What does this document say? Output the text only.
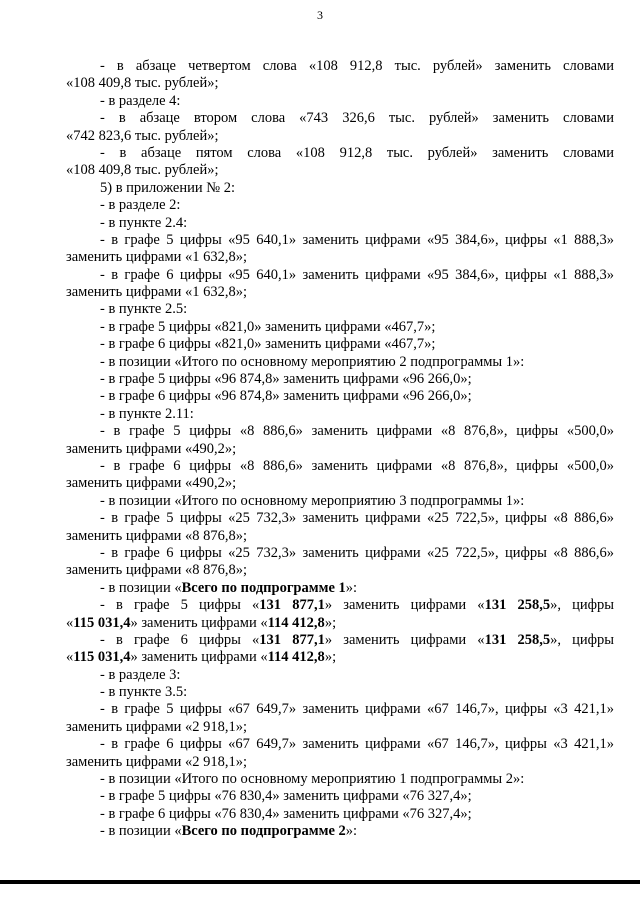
3
- в абзаце четвертом слова «108 912,8 тыс. рублей» заменить словами
«108 409,8 тыс. рублей»;
- в разделе 4:
- в абзаце втором слова «743 326,6 тыс. рублей» заменить словами
«742 823,6 тыс. рублей»;
- в абзаце пятом слова «108 912,8 тыс. рублей» заменить словами
«108 409,8 тыс. рублей»;
5) в приложении № 2:
- в разделе 2:
- в пункте 2.4:
- в графе 5 цифры «95 640,1» заменить цифрами «95 384,6», цифры «1 888,3»
заменить цифрами «1 632,8»;
- в графе 6 цифры «95 640,1» заменить цифрами «95 384,6», цифры «1 888,3»
заменить цифрами «1 632,8»;
- в пункте 2.5:
- в графе 5 цифры «821,0» заменить цифрами «467,7»;
- в графе 6 цифры «821,0» заменить цифрами «467,7»;
- в позиции «Итого по основному мероприятию 2 подпрограммы 1»:
- в графе 5 цифры «96 874,8» заменить цифрами «96 266,0»;
- в графе 6 цифры «96 874,8» заменить цифрами «96 266,0»;
- в пункте 2.11:
- в графе 5 цифры «8 886,6» заменить цифрами «8 876,8», цифры «500,0»
заменить цифрами «490,2»;
- в графе 6 цифры «8 886,6» заменить цифрами «8 876,8», цифры «500,0»
заменить цифрами «490,2»;
- в позиции «Итого по основному мероприятию 3 подпрограммы 1»:
- в графе 5 цифры «25 732,3» заменить цифрами «25 722,5», цифры «8 886,6»
заменить цифрами «8 876,8»;
- в графе 6 цифры «25 732,3» заменить цифрами «25 722,5», цифры «8 886,6»
заменить цифрами «8 876,8»;
- в позиции «Всего по подпрограмме 1»:
- в графе 5 цифры «131 877,1» заменить цифрами «131 258,5», цифры
«115 031,4» заменить цифрами «114 412,8»;
- в графе 6 цифры «131 877,1» заменить цифрами «131 258,5», цифры
«115 031,4» заменить цифрами «114 412,8»;
- в разделе 3:
- в пункте 3.5:
- в графе 5 цифры «67 649,7» заменить цифрами «67 146,7», цифры «3 421,1»
заменить цифрами «2 918,1»;
- в графе 6 цифры «67 649,7» заменить цифрами «67 146,7», цифры «3 421,1»
заменить цифрами «2 918,1»;
- в позиции «Итого по основному мероприятию 1 подпрограммы 2»:
- в графе 5 цифры «76 830,4» заменить цифрами «76 327,4»;
- в графе 6 цифры «76 830,4» заменить цифрами «76 327,4»;
- в позиции «Всего по подпрограмме 2»:
